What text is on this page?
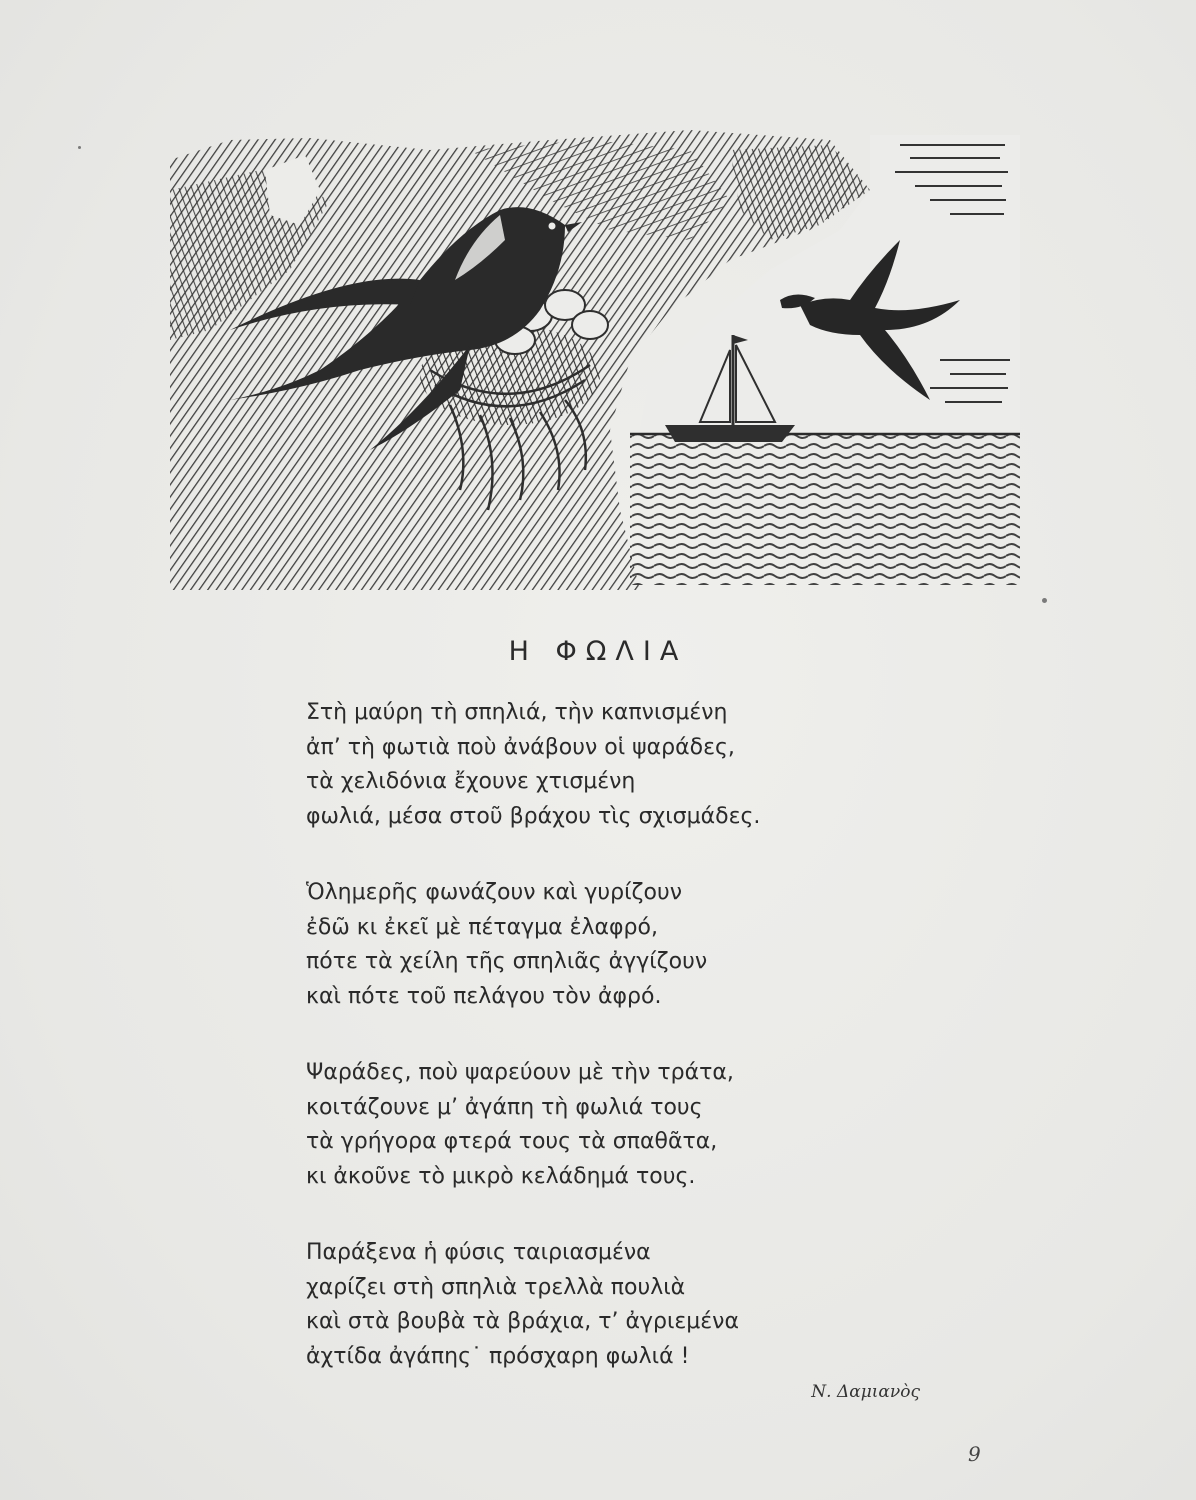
Η ΦΩΛΙΑ
Στὴ μαύρη τὴ σπηλιά, τὴν καπνισμένη
ἀπ’ τὴ φωτιὰ ποὺ ἀνάβουν οἱ ψαράδες,
τὰ χελιδόνια ἔχουνε χτισμένη
φωλιά, μέσα στοῦ βράχου τὶς σχισμάδες.
Ὁλημερῆς φωνάζουν καὶ γυρίζουν
ἐδῶ κι ἐκεῖ μὲ πέταγμα ἐλαφρό,
πότε τὰ χείλη τῆς σπηλιᾶς ἀγγίζουν
καὶ πότε τοῦ πελάγου τὸν ἀφρό.
Ψαράδες, ποὺ ψαρεύουν μὲ τὴν τράτα,
κοιτάζουνε μ’ ἀγάπη τὴ φωλιά τους
τὰ γρήγορα φτερά τους τὰ σπαθᾶτα,
κι ἀκοῦνε τὸ μικρὸ κελάδημά τους.
Παράξενα ἡ φύσις ταιριασμένα
χαρίζει στὴ σπηλιὰ τρελλὰ πουλιὰ
καὶ στὰ βουβὰ τὰ βράχια, τ’ ἀγριεμένα
ἀχτίδα ἀγάπης˙ πρόσχαρη φωλιά !
Ν. Δαμιανὸς
9
